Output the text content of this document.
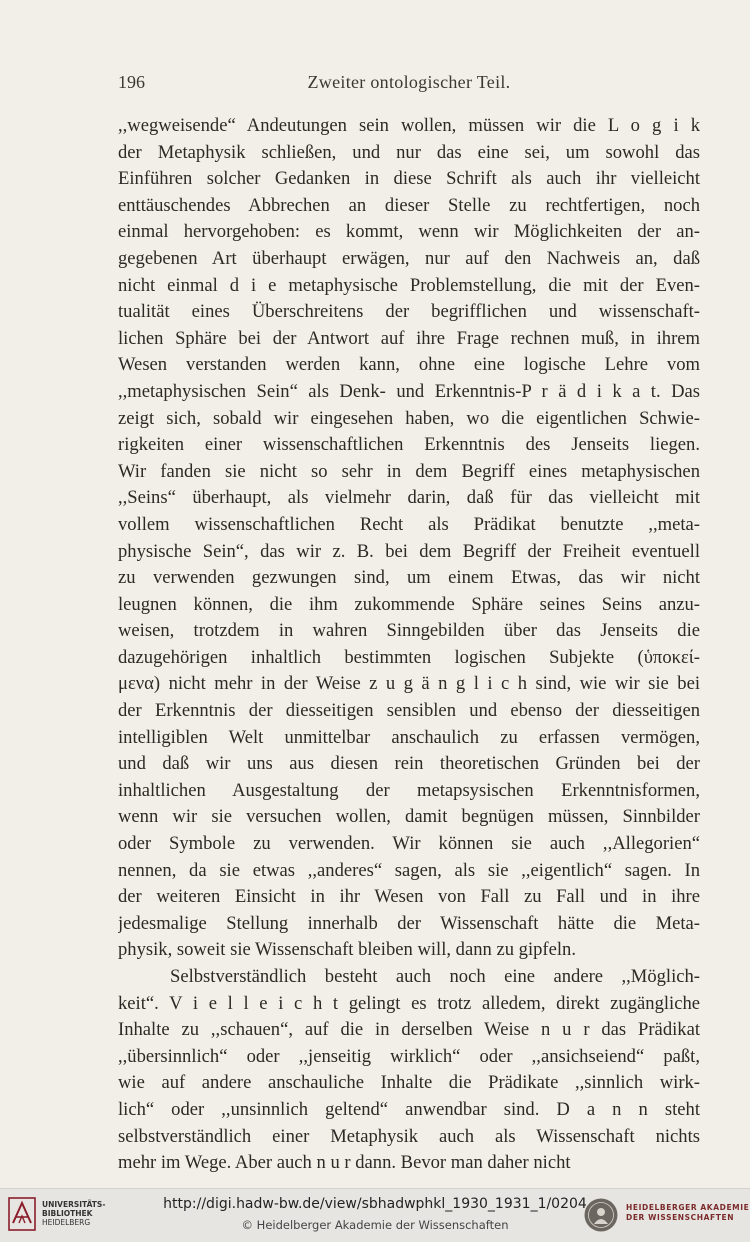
196	Zweiter ontologischer Teil.
,,wegweisende“ Andeutungen sein wollen, müssen wir die L o g i k
der Metaphysik schließen, und nur das eine sei, um sowohl das
Einführen solcher Gedanken in diese Schrift als auch ihr vielleicht
enttäuschendes Abbrechen an dieser Stelle zu rechtfertigen, noch
einmal hervorgehoben: es kommt, wenn wir Möglichkeiten der an-
gegebenen Art überhaupt erwägen, nur auf den Nachweis an, daß
nicht einmal d i e metaphysische Problemstellung, die mit der Even-
tualität eines Überschreitens der begrifflichen und wissenschaft-
lichen Sphäre bei der Antwort auf ihre Frage rechnen muß, in ihrem
Wesen verstanden werden kann, ohne eine logische Lehre vom
,,metaphysischen Sein“ als Denk- und Erkenntnis-P r ä d i k a t. Das
zeigt sich, sobald wir eingesehen haben, wo die eigentlichen Schwie-
rigkeiten einer wissenschaftlichen Erkenntnis des Jenseits liegen.
Wir fanden sie nicht so sehr in dem Begriff eines metaphysischen
,,Seins“ überhaupt, als vielmehr darin, daß für das vielleicht mit
vollem wissenschaftlichen Recht als Prädikat benutzte ,,meta-
physische Sein“, das wir z. B. bei dem Begriff der Freiheit eventuell
zu verwenden gezwungen sind, um einem Etwas, das wir nicht
leugnen können, die ihm zukommende Sphäre seines Seins anzu-
weisen, trotzdem in wahren Sinngebilden über das Jenseits die
dazugehörigen inhaltlich bestimmten logischen Subjekte (ὑποκεί-
μενα) nicht mehr in der Weise z u g ä n g l i c h sind, wie wir sie bei
der Erkenntnis der diesseitigen sensiblen und ebenso der diesseitigen
intelligiblen Welt unmittelbar anschaulich zu erfassen vermögen,
und daß wir uns aus diesen rein theoretischen Gründen bei der
inhaltlichen Ausgestaltung der metapsysischen Erkenntnisformen,
wenn wir sie versuchen wollen, damit begnügen müssen, Sinnbilder
oder Symbole zu verwenden. Wir können sie auch ,,Allegorien“
nennen, da sie etwas ,,anderes“ sagen, als sie ,,eigentlich“ sagen. In
der weiteren Einsicht in ihr Wesen von Fall zu Fall und in ihre
jedesmalige Stellung innerhalb der Wissenschaft hätte die Meta-
physik, soweit sie Wissenschaft bleiben will, dann zu gipfeln.
Selbstverständlich besteht auch noch eine andere ,,Möglich-
keit“. V i e l l e i c h t gelingt es trotz alledem, direkt zugängliche
Inhalte zu ,,schauen“, auf die in derselben Weise n u r das Prädikat
,,übersinnlich“ oder ,,jenseitig wirklich“ oder ,,ansichseiend“ paßt,
wie auf andere anschauliche Inhalte die Prädikate ,,sinnlich wirk-
lich“ oder ,,unsinnlich geltend“ anwendbar sind. D a n n steht
selbstverständlich einer Metaphysik auch als Wissenschaft nichts
mehr im Wege. Aber auch n u r dann. Bevor man daher nicht
UNIVERSITÄTS-
BIBLIOTHEK
HEIDELBERG
http://digi.hadw-bw.de/view/sbhadwphkl_1930_1931_1/0204
© Heidelberger Akademie der Wissenschaften
HEIDELBERGER AKADEMIE
DER WISSENSCHAFTEN
